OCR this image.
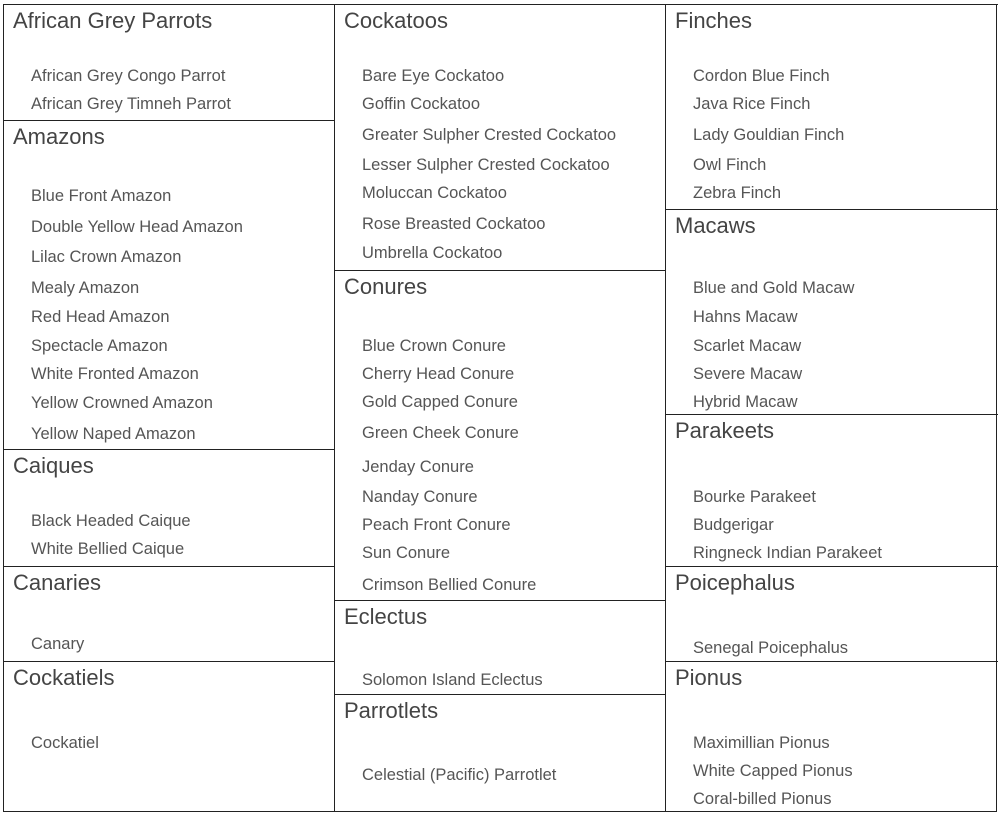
African Grey Parrots
African Grey Congo Parrot
African Grey Timneh Parrot
Amazons
Blue Front Amazon
Double Yellow Head Amazon
Lilac Crown Amazon
Mealy Amazon
Red Head Amazon
Spectacle Amazon
White Fronted Amazon
Yellow Crowned Amazon
Yellow Naped Amazon
Caiques
Black Headed Caique
White Bellied Caique
Canaries
Canary
Cockatiels
Cockatiel
Cockatoos
Bare Eye Cockatoo
Goffin Cockatoo
Greater Sulpher Crested Cockatoo
Lesser Sulpher Crested Cockatoo
Moluccan Cockatoo
Rose Breasted Cockatoo
Umbrella Cockatoo
Conures
Blue Crown Conure
Cherry Head Conure
Gold Capped Conure
Green Cheek Conure
Jenday Conure
Nanday Conure
Peach Front Conure
Sun Conure
Crimson Bellied Conure
Eclectus
Solomon Island Eclectus
Parrotlets
Celestial (Pacific) Parrotlet
Finches
Cordon Blue Finch
Java Rice Finch
Lady Gouldian Finch
Owl Finch
Zebra Finch
Macaws
Blue and Gold Macaw
Hahns Macaw
Scarlet Macaw
Severe Macaw
Hybrid Macaw
Parakeets
Bourke Parakeet
Budgerigar
Ringneck Indian Parakeet
Poicephalus
Senegal Poicephalus
Pionus
Maximillian Pionus
White Capped Pionus
Coral-billed Pionus
